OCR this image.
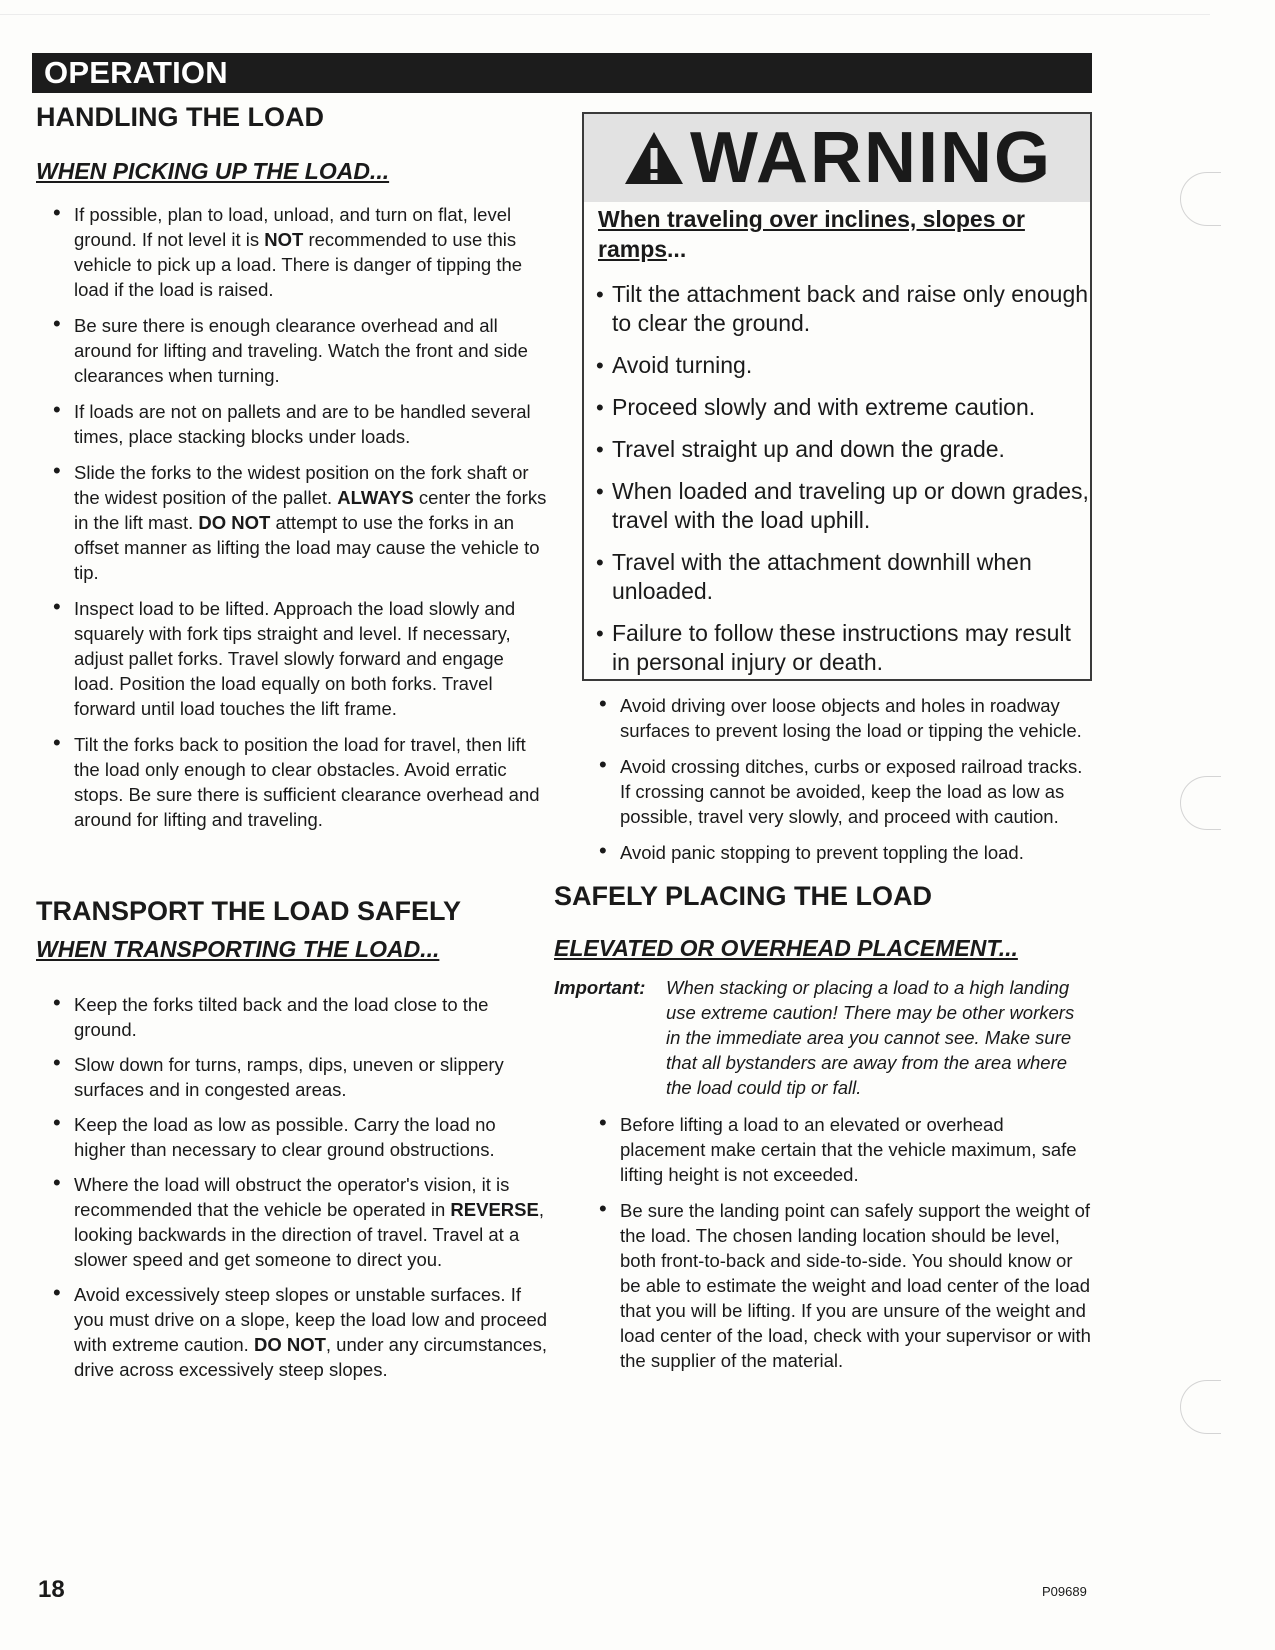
OPERATION
HANDLING THE LOAD
WHEN PICKING UP THE LOAD...
• If possible, plan to load, unload, and turn on flat, level ground. If not level it is NOT recommended to use this vehicle to pick up a load. There is danger of tipping the load if the load is raised.
• Be sure there is enough clearance overhead and all around for lifting and traveling. Watch the front and side clearances when turning.
• If loads are not on pallets and are to be handled several times, place stacking blocks under loads.
• Slide the forks to the widest position on the fork shaft or the widest position of the pallet. ALWAYS center the forks in the lift mast. DO NOT attempt to use the forks in an offset manner as lifting the load may cause the vehicle to tip.
• Inspect load to be lifted. Approach the load slowly and squarely with fork tips straight and level. If necessary, adjust pallet forks. Travel slowly forward and engage load. Position the load equally on both forks. Travel forward until load touches the lift frame.
• Tilt the forks back to position the load for travel, then lift the load only enough to clear obstacles. Avoid erratic stops. Be sure there is sufficient clearance overhead and around for lifting and traveling.
TRANSPORT THE LOAD SAFELY
WHEN TRANSPORTING THE LOAD...
• Keep the forks tilted back and the load close to the ground.
• Slow down for turns, ramps, dips, uneven or slippery surfaces and in congested areas.
• Keep the load as low as possible. Carry the load no higher than necessary to clear ground obstructions.
• Where the load will obstruct the operator's vision, it is recommended that the vehicle be operated in REVERSE, looking backwards in the direction of travel. Travel at a slower speed and get someone to direct you.
• Avoid excessively steep slopes or unstable surfaces. If you must drive on a slope, keep the load low and proceed with extreme caution. DO NOT, under any circumstances, drive across excessively steep slopes.
WARNING
When traveling over inclines, slopes or ramps...
• Tilt the attachment back and raise only enough to clear the ground.
• Avoid turning.
• Proceed slowly and with extreme caution.
• Travel straight up and down the grade.
• When loaded and traveling up or down grades, travel with the load uphill.
• Travel with the attachment downhill when unloaded.
• Failure to follow these instructions may result in personal injury or death.
• Avoid driving over loose objects and holes in roadway surfaces to prevent losing the load or tipping the vehicle.
• Avoid crossing ditches, curbs or exposed railroad tracks. If crossing cannot be avoided, keep the load as low as possible, travel very slowly, and proceed with caution.
• Avoid panic stopping to prevent toppling the load.
SAFELY PLACING THE LOAD
ELEVATED OR OVERHEAD PLACEMENT...
Important:	When stacking or placing a load to a high landing use extreme caution! There may be other workers in the immediate area you cannot see. Make sure that all bystanders are away from the area where the load could tip or fall.
• Before lifting a load to an elevated or overhead placement make certain that the vehicle maximum, safe lifting height is not exceeded.
• Be sure the landing point can safely support the weight of the load. The chosen landing location should be level, both front-to-back and side-to-side. You should know or be able to estimate the weight and load center of the load that you will be lifting. If you are unsure of the weight and load center of the load, check with your supervisor or with the supplier of the material.
18	P09689
